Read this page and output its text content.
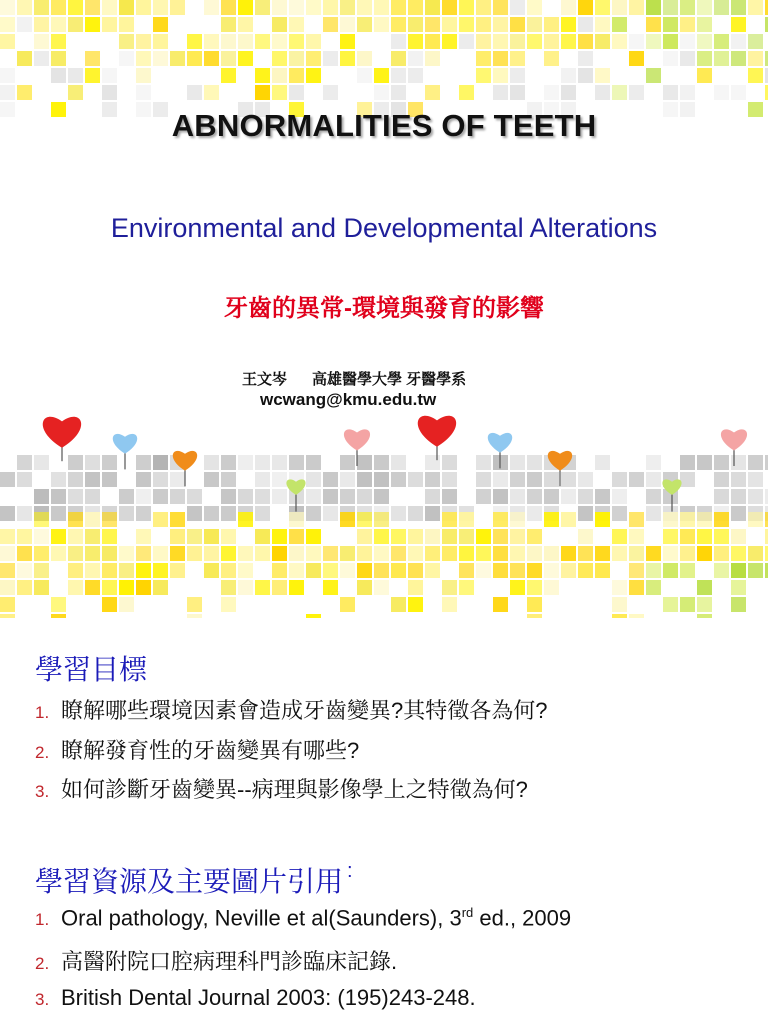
ABNORMALITIES OF TEETH
Environmental and Developmental Alterations
牙齒的異常-環境與發育的影響
王文岑      高雄醫學大學 牙醫學系
wcwang@kmu.edu.tw
學習目標
1. 瞭解哪些環境因素會造成牙齒變異?其特徵各為何?
2. 瞭解發育性的牙齒變異有哪些?
3. 如何診斷牙齒變異--病理與影像學上之特徵為何?
學習資源及主要圖片引用 :
1. Oral pathology, Neville et al(Saunders), 3rd ed., 2009
2. 高醫附院口腔病理科門診臨床記錄.
3. British Dental Journal 2003: (195)243-248.
